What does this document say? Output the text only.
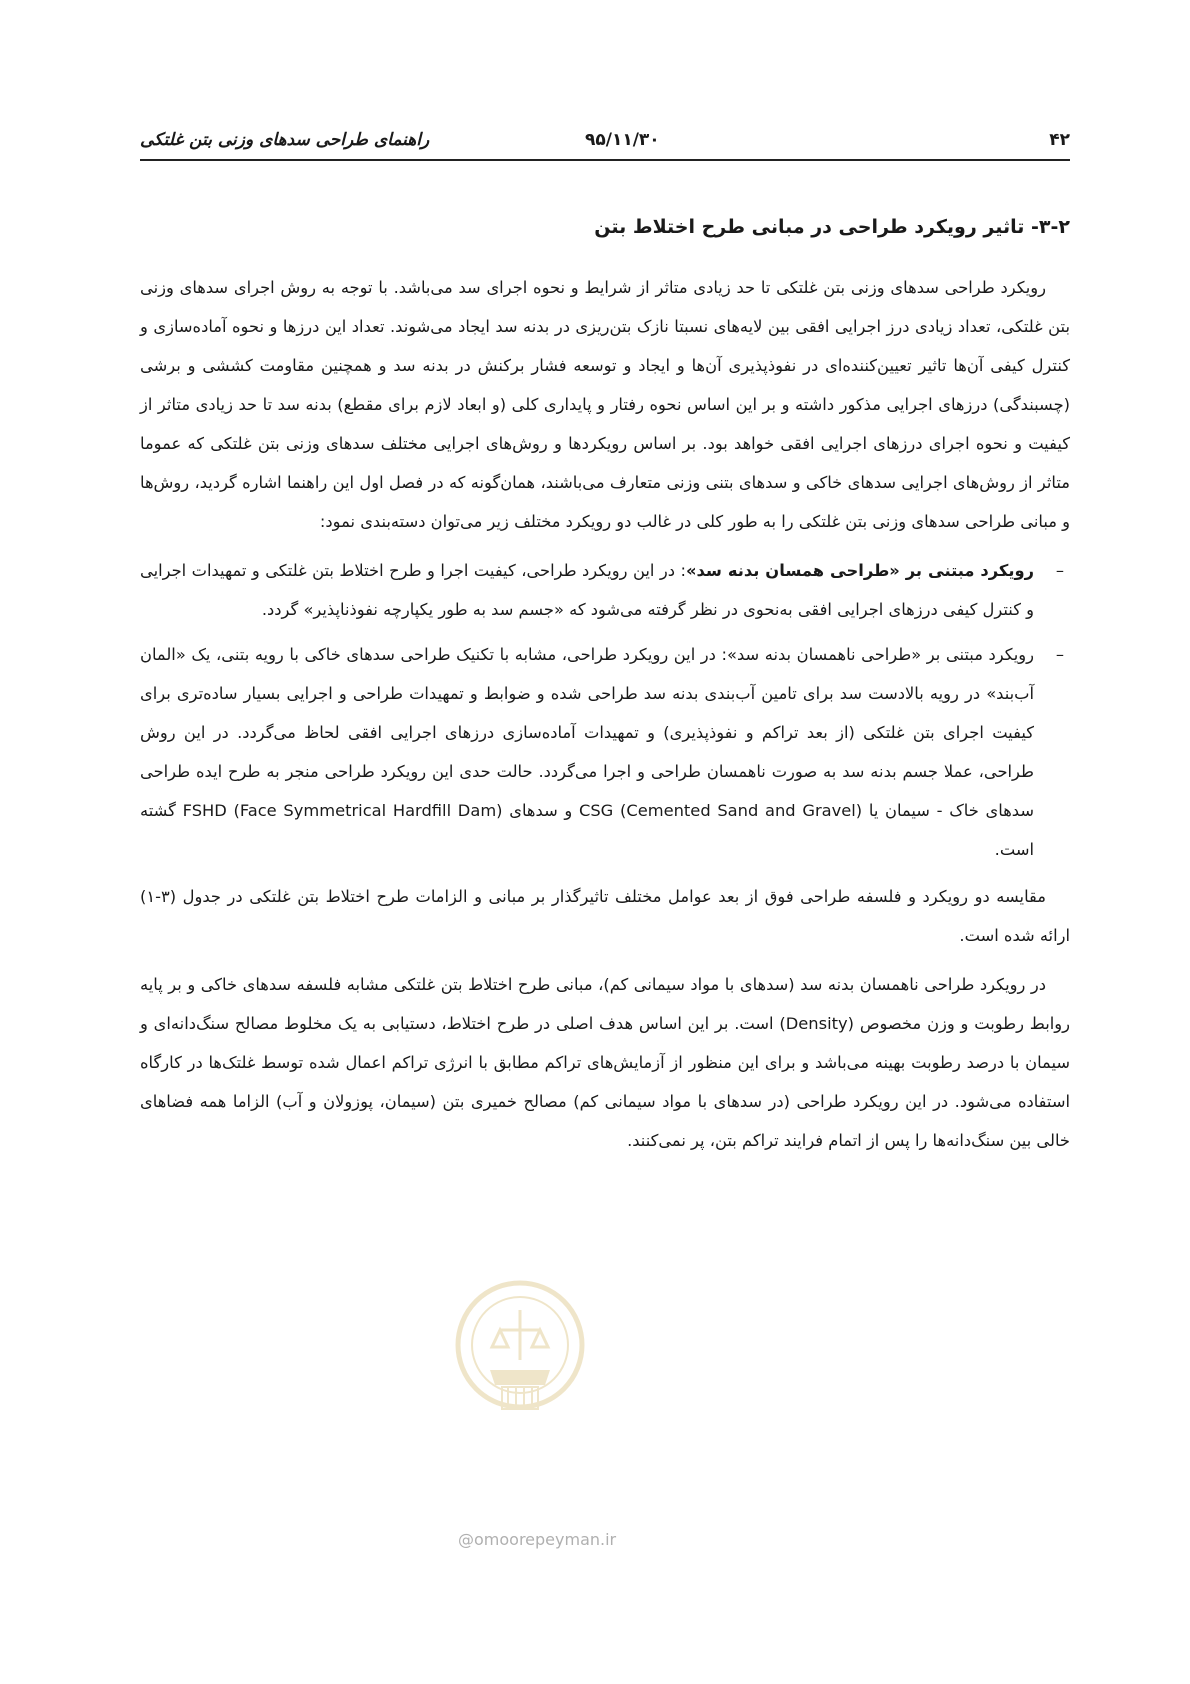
راهنمای طراحی سدهای وزنی بتن غلتکی	۹۵/۱۱/۳۰	۴۲
۳-۲- تاثیر رویکرد طراحی در مبانی طرح اختلاط بتن

رویکرد طراحی سدهای وزنی بتن غلتکی تا حد زیادی متاثر از شرایط و نحوه اجرای سد می‌باشد. با توجه به روش اجرای سدهای وزنی بتن غلتکی، تعداد زیادی درز اجرایی افقی بین لایه‌های نسبتا نازک بتن‌ریزی در بدنه سد ایجاد می‌شوند. تعداد این درزها و نحوه آماده‌سازی و کنترل کیفی آن‌ها تاثیر تعیین‌کننده‌ای در نفوذپذیری آن‌ها و ایجاد و توسعه فشار برکنش در بدنه سد و همچنین مقاومت کششی و برشی (چسبندگی) درزهای اجرایی مذکور داشته و بر این اساس نحوه رفتار و پایداری کلی (و ابعاد لازم برای مقطع) بدنه سد تا حد زیادی متاثر از کیفیت و نحوه اجرای درزهای اجرایی افقی خواهد بود. بر اساس رویکردها و روش‌های اجرایی مختلف سدهای وزنی بتن غلتکی که عموما متاثر از روش‌های اجرایی سدهای خاکی و سدهای بتنی وزنی متعارف می‌باشند، همان‌گونه که در فصل اول این راهنما اشاره گردید، روش‌ها و مبانی طراحی سدهای وزنی بتن غلتکی را به طور کلی در غالب دو رویکرد مختلف زیر می‌توان دسته‌بندی نمود:

–
رویکرد مبتنی بر «طراحی همسان بدنه سد»: در این رویکرد طراحی، کیفیت اجرا و طرح اختلاط بتن غلتکی و تمهیدات اجرایی و کنترل کیفی درزهای اجرایی افقی به‌نحوی در نظر گرفته می‌شود که «جسم سد به طور یکپارچه نفوذناپذیر» گردد.
–
رویکرد مبتنی بر «طراحی ناهمسان بدنه سد»: در این رویکرد طراحی، مشابه با تکنیک طراحی سدهای خاکی با رویه بتنی، یک «المان آب‌بند» در رویه بالادست سد برای تامین آب‌بندی بدنه سد طراحی شده و ضوابط و تمهیدات طراحی و اجرایی بسیار ساده‌تری برای کیفیت اجرای بتن غلتکی (از بعد تراکم و نفوذپذیری) و تمهیدات آماده‌سازی درزهای اجرایی افقی لحاظ می‌گردد. در این روش طراحی، عملا جسم بدنه سد به صورت ناهمسان طراحی و اجرا می‌گردد. حالت حدی این رویکرد طراحی منجر به طرح ایده طراحی سدهای خاک - سیمان یا CSG (Cemented Sand and Gravel) و سدهای FSHD (Face Symmetrical Hardfill Dam) گشته است.

مقایسه دو رویکرد و فلسفه طراحی فوق از بعد عوامل مختلف تاثیرگذار بر مبانی و الزامات طرح اختلاط بتن غلتکی در جدول (۳-۱) ارائه شده است.

در رویکرد طراحی ناهمسان بدنه سد (سدهای با مواد سیمانی کم)، مبانی طرح اختلاط بتن غلتکی مشابه فلسفه سدهای خاکی و بر پایه روابط رطوبت و وزن مخصوص (Density) است. بر این اساس هدف اصلی در طرح اختلاط، دستیابی به یک مخلوط مصالح سنگ‌دانه‌ای و سیمان با درصد رطوبت بهینه می‌باشد و برای این منظور از آزمایش‌های تراکم مطابق با انرژی تراکم اعمال شده توسط غلتک‌ها در کارگاه استفاده می‌شود. در این رویکرد طراحی (در سدهای با مواد سیمانی کم) مصالح خمیری بتن (سیمان، پوزولان و آب) الزاما همه فضاهای خالی بین سنگ‌دانه‌ها را پس از اتمام فرایند تراکم بتن، پر نمی‌کنند.

@omoorepeyman.ir
